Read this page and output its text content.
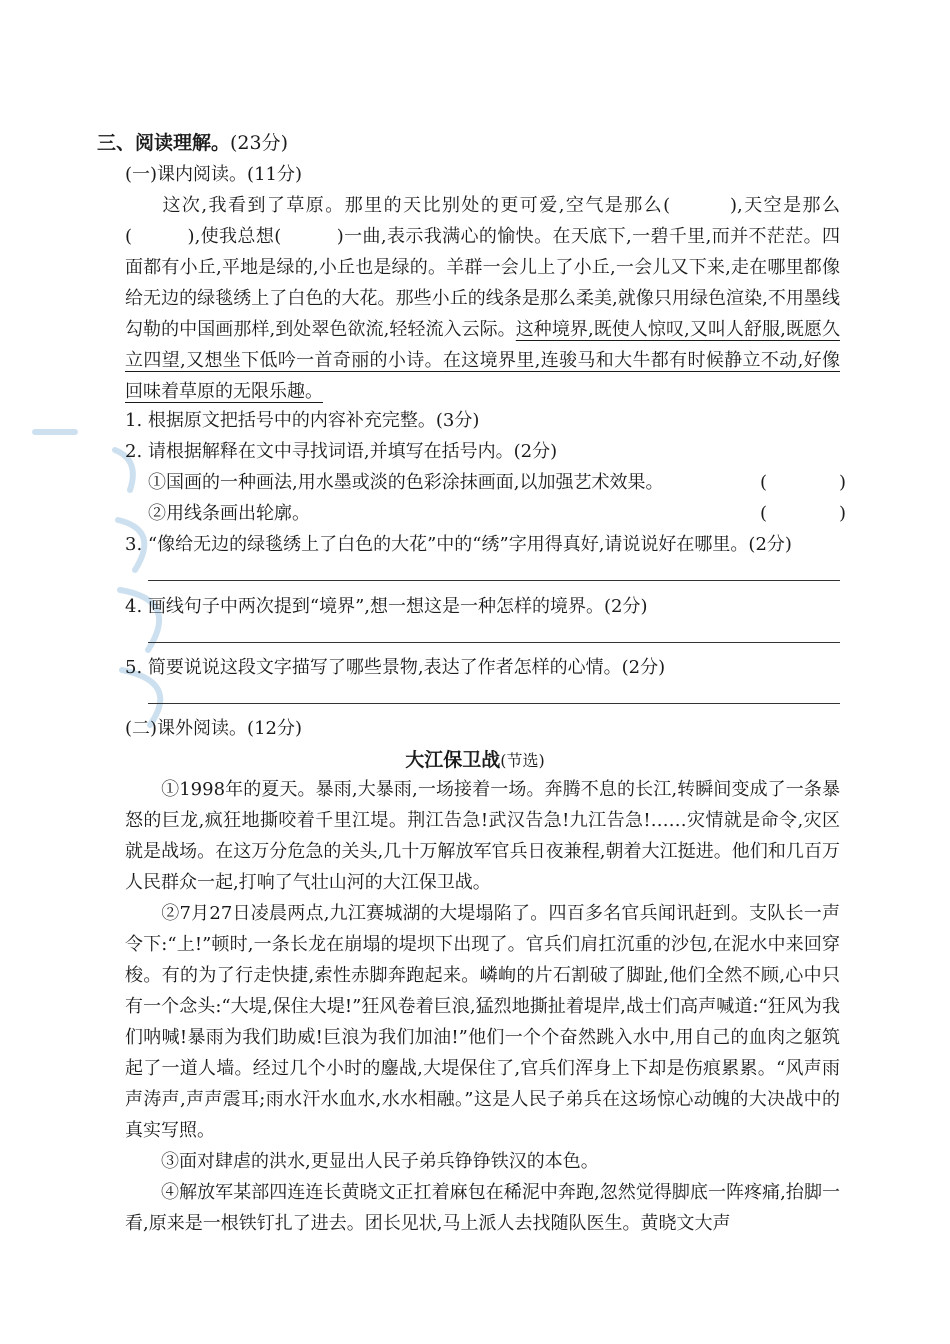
三、阅读理解。(23分)
(一)课内阅读。(11分)
这次,我看到了草原。那里的天比别处的更可爱,空气是那么(　　　),天空是那么(　　　),使我总想(　　　)一曲,表示我满心的愉快。在天底下,一碧千里,而并不茫茫。四面都有小丘,平地是绿的,小丘也是绿的。羊群一会儿上了小丘,一会儿又下来,走在哪里都像给无边的绿毯绣上了白色的大花。那些小丘的线条是那么柔美,就像只用绿色渲染,不用墨线勾勒的中国画那样,到处翠色欲流,轻轻流入云际。这种境界,既使人惊叹,又叫人舒服,既愿久立四望,又想坐下低吟一首奇丽的小诗。在这境界里,连骏马和大牛都有时候静立不动,好像回味着草原的无限乐趣。
1. 根据原文把括号中的内容补充完整。(3分)
2. 请根据解释在文中寻找词语,并填写在括号内。(2分)
①国画的一种画法,用水墨或淡的色彩涂抹画面,以加强艺术效果。	(　　　　)
②用线条画出轮廓。	(　　　　)
3. “像给无边的绿毯绣上了白色的大花”中的“绣”字用得真好,请说说好在哪里。(2分)
4. 画线句子中两次提到“境界”,想一想这是一种怎样的境界。(2分)
5. 简要说说这段文字描写了哪些景物,表达了作者怎样的心情。(2分)
(二)课外阅读。(12分)
大江保卫战(节选)

①1998年的夏天。暴雨,大暴雨,一场接着一场。奔腾不息的长江,转瞬间变成了一条暴怒的巨龙,疯狂地撕咬着千里江堤。荆江告急!武汉告急!九江告急!……灾情就是命令,灾区就是战场。在这万分危急的关头,几十万解放军官兵日夜兼程,朝着大江挺进。他们和几百万人民群众一起,打响了气壮山河的大江保卫战。

②7月27日凌晨两点,九江赛城湖的大堤塌陷了。四百多名官兵闻讯赶到。支队长一声令下:“上!”顿时,一条长龙在崩塌的堤坝下出现了。官兵们肩扛沉重的沙包,在泥水中来回穿梭。有的为了行走快捷,索性赤脚奔跑起来。嶙峋的片石割破了脚趾,他们全然不顾,心中只有一个念头:“大堤,保住大堤!”狂风卷着巨浪,猛烈地撕扯着堤岸,战士们高声喊道:“狂风为我们呐喊!暴雨为我们助威!巨浪为我们加油!”他们一个个奋然跳入水中,用自己的血肉之躯筑起了一道人墙。经过几个小时的鏖战,大堤保住了,官兵们浑身上下却是伤痕累累。“风声雨声涛声,声声震耳;雨水汗水血水,水水相融。”这是人民子弟兵在这场惊心动魄的大决战中的真实写照。

③面对肆虐的洪水,更显出人民子弟兵铮铮铁汉的本色。

④解放军某部四连连长黄晓文正扛着麻包在稀泥中奔跑,忽然觉得脚底一阵疼痛,抬脚一看,原来是一根铁钉扎了进去。团长见状,马上派人去找随队医生。黄晓文大声
